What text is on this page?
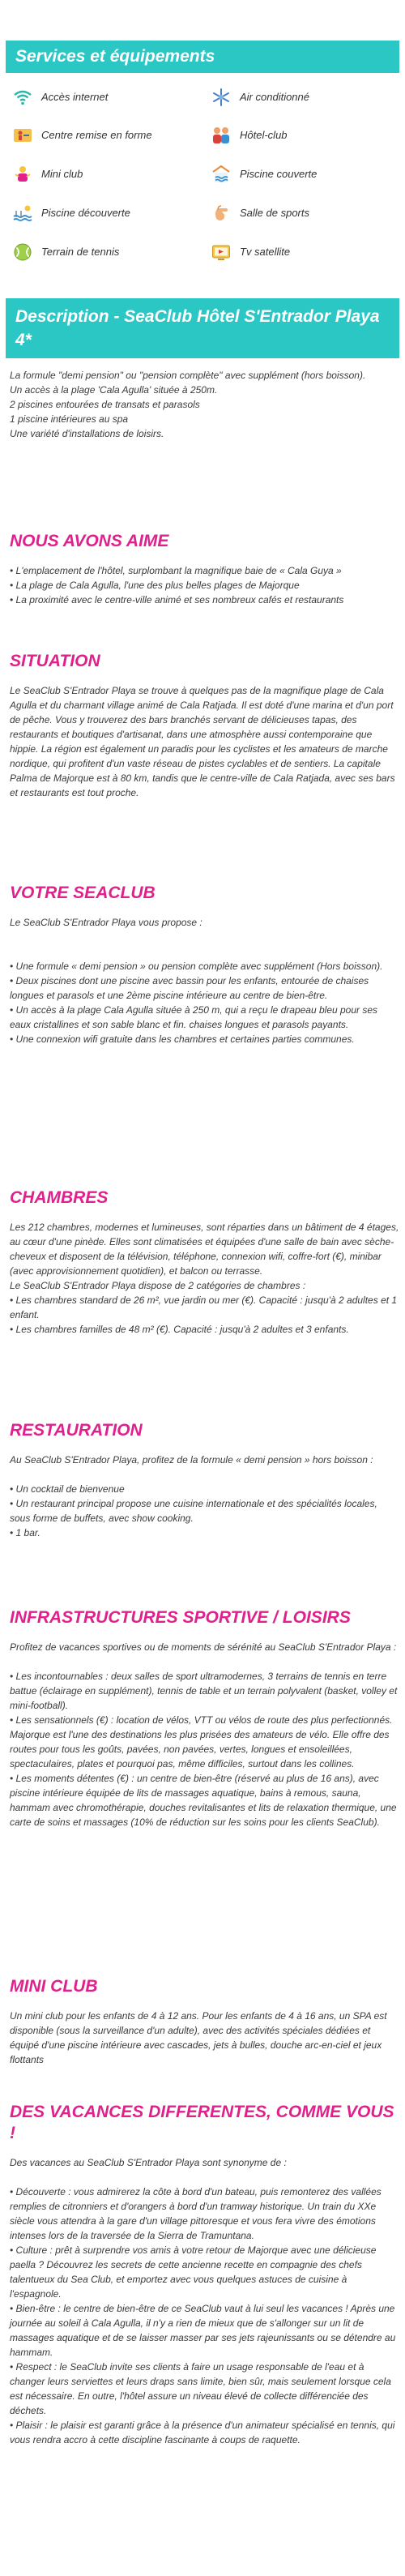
Services et équipements
Accès internet	Air conditionné
Centre remise en forme	Hôtel-club
Mini club	Piscine couverte
Piscine découverte	Salle de sports
Terrain de tennis	Tv satellite
Description - SeaClub Hôtel S'Entrador Playa 4*
La formule "demi pension" ou "pension complète" avec supplément (hors boisson).
Un accès à la plage 'Cala Agulla' située à 250m.
2 piscines entourées de transats et parasols
1 piscine intérieures au spa
Une variété d'installations de loisirs.
NOUS AVONS AIME
• L'emplacement de l'hôtel, surplombant la magnifique baie de « Cala Guya »
• La plage de Cala Agulla, l'une des plus belles plages de Majorque
• La proximité avec le centre-ville animé et ses nombreux cafés et restaurants
SITUATION
Le SeaClub S'Entrador Playa se trouve à quelques pas de la magnifique plage de Cala Agulla et du charmant village animé de Cala Ratjada. Il est doté d'une marina et d'un port de pêche. Vous y trouverez des bars branchés servant de délicieuses tapas, des restaurants et boutiques d'artisanat, dans une atmosphère aussi contemporaine que hippie. La région est également un paradis pour les cyclistes et les amateurs de marche nordique, qui profitent d'un vaste réseau de pistes cyclables et de sentiers. La capitale Palma de Majorque est à 80 km, tandis que le centre-ville de Cala Ratjada, avec ses bars et restaurants est tout proche.
VOTRE SEACLUB
Le SeaClub S'Entrador Playa vous propose :
• Une formule « demi pension » ou pension complète avec supplément (Hors boisson).
• Deux piscines dont une piscine avec bassin pour les enfants, entourée de chaises longues et parasols et une 2ème piscine intérieure au centre de bien-être.
• Un accès à la plage Cala Agulla située à 250 m, qui a reçu le drapeau bleu pour ses eaux cristallines et son sable blanc et fin. chaises longues et parasols payants.
• Une connexion wifi gratuite dans les chambres et certaines parties communes.
CHAMBRES
Les 212 chambres, modernes et lumineuses, sont réparties dans un bâtiment de 4 étages, au cœur d'une pinède. Elles sont climatisées et équipées d'une salle de bain avec sèche-cheveux et disposent de la télévision, téléphone, connexion wifi, coffre-fort (€), minibar (avec approvisionnement quotidien), et balcon ou terrasse.
Le SeaClub S'Entrador Playa dispose de 2 catégories de chambres :
• Les chambres standard de 26 m², vue jardin ou mer (€). Capacité : jusqu'à 2 adultes et 1 enfant.
• Les chambres familles de 48 m² (€). Capacité : jusqu'à 2 adultes et 3 enfants.
RESTAURATION
Au SeaClub S'Entrador Playa, profitez de la formule « demi pension » hors boisson :
• Un cocktail de bienvenue
• Un restaurant principal propose une cuisine internationale et des spécialités locales, sous forme de buffets, avec show cooking.
• 1 bar.
INFRASTRUCTURES SPORTIVE / LOISIRS
Profitez de vacances sportives ou de moments de sérénité au SeaClub S'Entrador Playa :
• Les incontournables : deux salles de sport ultramodernes, 3 terrains de tennis en terre battue (éclairage en supplément), tennis de table et un terrain polyvalent (basket, volley et mini-football).
• Les sensationnels (€) : location de vélos, VTT ou vélos de route des plus perfectionnés. Majorque est l'une des destinations les plus prisées des amateurs de vélo. Elle offre des routes pour tous les goûts, pavées, non pavées, vertes, longues et ensoleillées, spectaculaires, plates et pourquoi pas, même difficiles, surtout dans les collines.
• Les moments détentes (€) : un centre de bien-être (réservé au plus de 16 ans), avec piscine intérieure équipée de lits de massages aquatique, bains à remous, sauna, hammam avec chromothérapie, douches revitalisantes et lits de relaxation thermique, une carte de soins et massages (10% de réduction sur les soins pour les clients SeaClub).
MINI CLUB
Un mini club pour les enfants de 4 à 12 ans. Pour les enfants de 4 à 16 ans, un SPA est disponible (sous la surveillance d'un adulte), avec des activités spéciales dédiées et équipé d'une piscine intérieure avec cascades, jets à bulles, douche arc-en-ciel et jeux flottants
DES VACANCES DIFFERENTES, COMME VOUS !
Des vacances au SeaClub S'Entrador Playa sont synonyme de :
• Découverte : vous admirerez la côte à bord d'un bateau, puis remonterez des vallées remplies de citronniers et d'orangers à bord d'un tramway historique. Un train du XXe siècle vous attendra à la gare d'un village pittoresque et vous fera vivre des émotions intenses lors de la traversée de la Sierra de Tramuntana.
• Culture : prêt à surprendre vos amis à votre retour de Majorque avec une délicieuse paella ? Découvrez les secrets de cette ancienne recette en compagnie des chefs talentueux du Sea Club, et emportez avec vous quelques astuces de cuisine à l'espagnole.
• Bien-être : le centre de bien-être de ce SeaClub vaut à lui seul les vacances ! Après une journée au soleil à Cala Agulla, il n'y a rien de mieux que de s'allonger sur un lit de massages aquatique et de se laisser masser par ses jets rajeunissants ou se détendre au hammam.
• Respect : le SeaClub invite ses clients à faire un usage responsable de l'eau et à changer leurs serviettes et leurs draps sans limite, bien sûr, mais seulement lorsque cela est nécessaire. En outre, l'hôtel assure un niveau élevé de collecte différenciée des déchets.
• Plaisir : le plaisir est garanti grâce à la présence d'un animateur spécialisé en tennis, qui vous rendra accro à cette discipline fascinante à coups de raquette.
